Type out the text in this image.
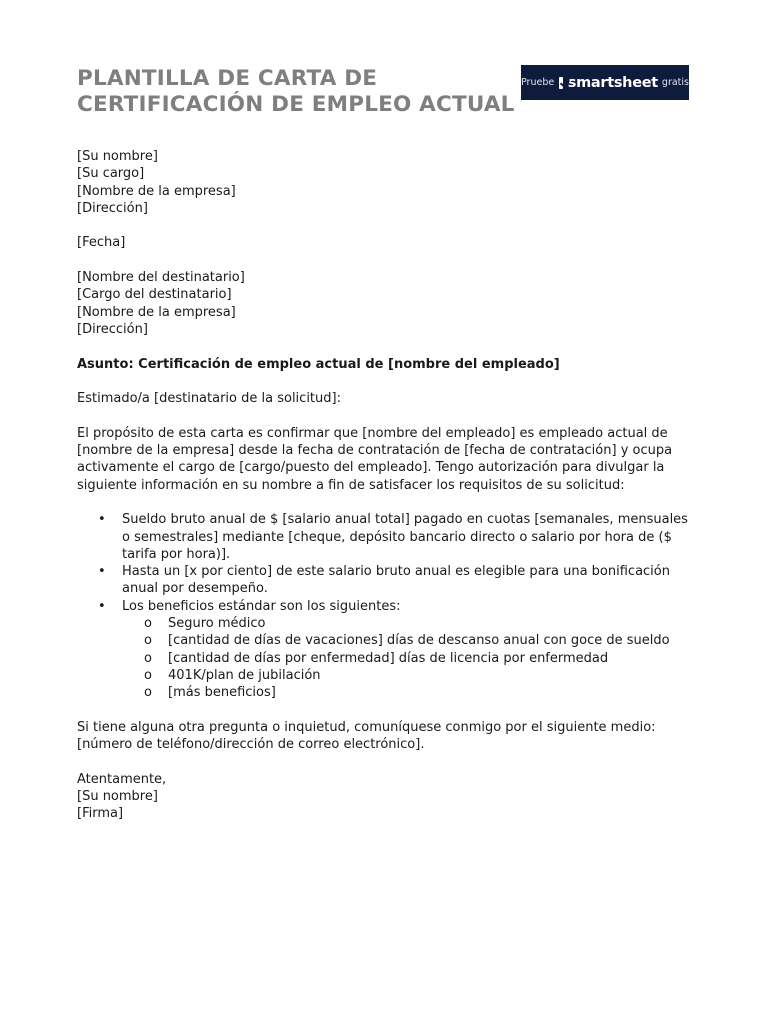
PLANTILLA DE CARTA DE
CERTIFICACIÓN DE EMPLEO ACTUAL
Pruebe smartsheet gratis
[Su nombre]
[Su cargo]
[Nombre de la empresa]
[Dirección]
[Fecha]
[Nombre del destinatario]
[Cargo del destinatario]
[Nombre de la empresa]
[Dirección]
Asunto: Certificación de empleo actual de [nombre del empleado]
Estimado/a [destinatario de la solicitud]:
El propósito de esta carta es confirmar que [nombre del empleado] es empleado actual de [nombre de la empresa] desde la fecha de contratación de [fecha de contratación] y ocupa activamente el cargo de [cargo/puesto del empleado]. Tengo autorización para divulgar la siguiente información en su nombre a fin de satisfacer los requisitos de su solicitud:
• Sueldo bruto anual de $ [salario anual total] pagado en cuotas [semanales, mensuales o semestrales] mediante [cheque, depósito bancario directo o salario por hora de ($ tarifa por hora)].
• Hasta un [x por ciento] de este salario bruto anual es elegible para una bonificación anual por desempeño.
• Los beneficios estándar son los siguientes:
o Seguro médico
o [cantidad de días de vacaciones] días de descanso anual con goce de sueldo
o [cantidad de días por enfermedad] días de licencia por enfermedad
o 401K/plan de jubilación
o [más beneficios]
Si tiene alguna otra pregunta o inquietud, comuníquese conmigo por el siguiente medio: [número de teléfono/dirección de correo electrónico].
Atentamente,
[Su nombre]
[Firma]
